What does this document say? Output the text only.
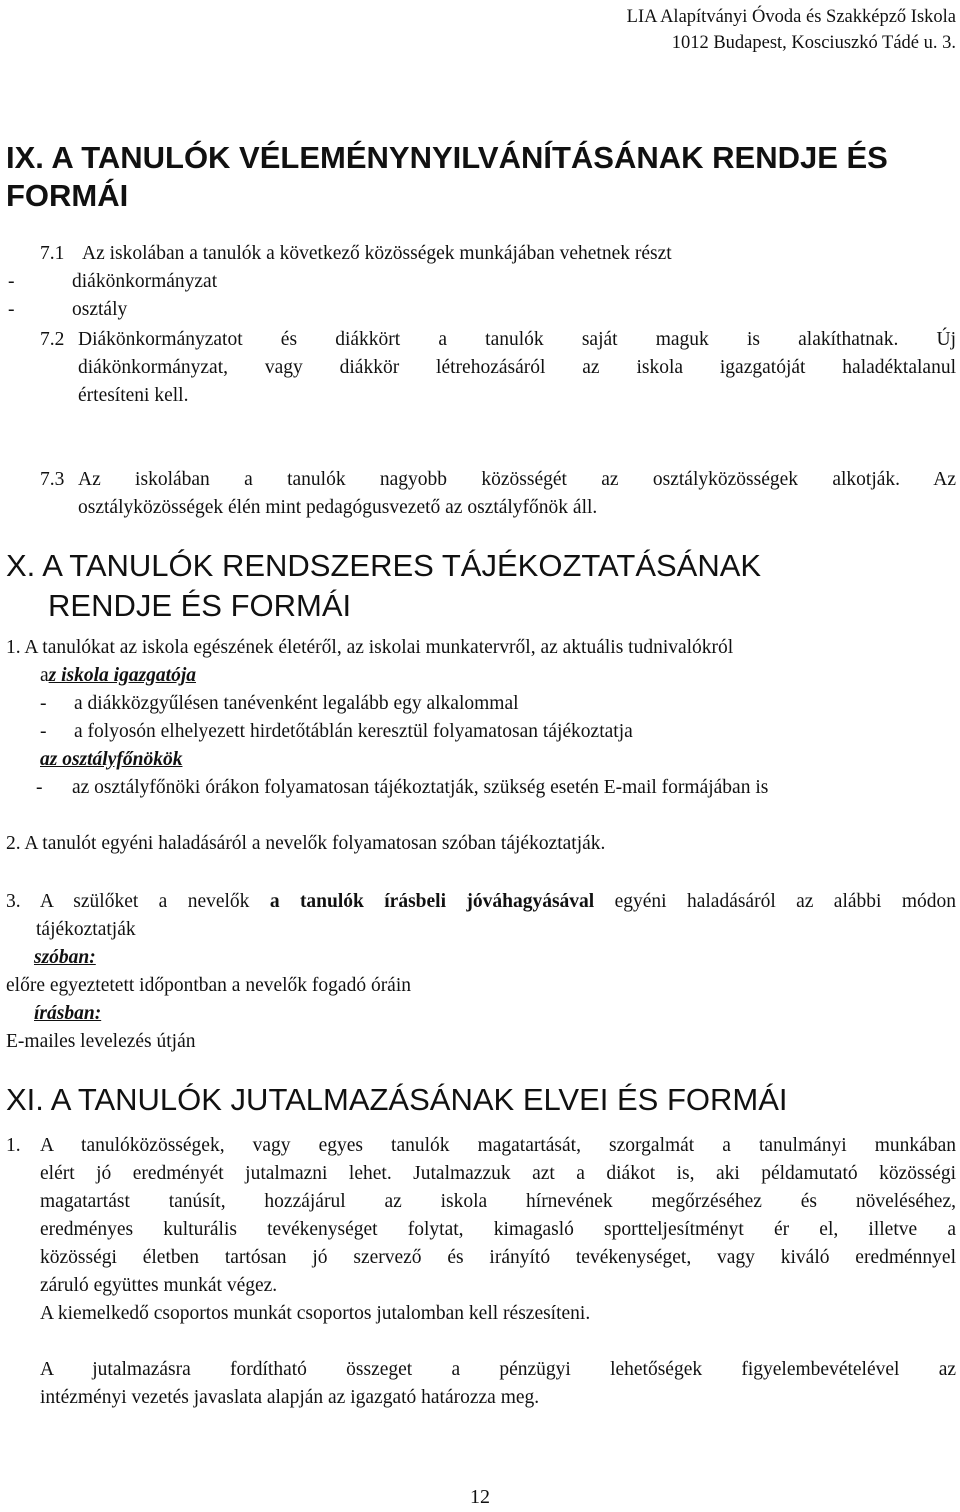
LIA Alapítványi Óvoda és Szakképző Iskola
1012 Budapest, Kosciuszkó Tádé u. 3.
IX. A TANULÓK VÉLEMÉNYNYILVÁNÍTÁSÁNAK RENDJE ÉS
FORMÁI
7.1 Az iskolában a tanulók a következő közösségek munkájában vehetnek részt
-	diákönkormányzat
-	osztály
7.2 Diákönkormányzatot és diákkört a tanulók saját maguk is alakíthatnak. Új
diákönkormányzat, vagy diákkör létrehozásáról az iskola igazgatóját haladéktalanul
értesíteni kell.
7.3 Az iskolában a tanulók nagyobb közösségét az osztályközösségek alkotják. Az
osztályközösségek élén mint pedagógusvezető az osztályfőnök áll.
X. A TANULÓK RENDSZERES TÁJÉKOZTATÁSÁNAK
RENDJE ÉS FORMÁI
1. A tanulókat az iskola egészének életéről, az iskolai munkatervről, az aktuális tudnivalókról
az iskola igazgatója
- a diákközgyűlésen tanévenként legalább egy alkalommal
- a folyosón elhelyezett hirdetőtáblán keresztül folyamatosan tájékoztatja
az osztályfőnökök
- az osztályfőnöki órákon folyamatosan tájékoztatják, szükség esetén E-mail formájában is
2. A tanulót egyéni haladásáról a nevelők folyamatosan szóban tájékoztatják.
3. A szülőket a nevelők a tanulók írásbeli jóváhagyásával egyéni haladásáról az alábbi módon
tájékoztatják
szóban:
előre egyeztetett időpontban a nevelők fogadó óráin
írásban:
E-mailes levelezés útján
XI. A TANULÓK JUTALMAZÁSÁNAK ELVEI ÉS FORMÁI
1. A tanulóközösségek, vagy egyes tanulók magatartását, szorgalmát a tanulmányi munkában
elért jó eredményét jutalmazni lehet. Jutalmazzuk azt a diákot is, aki példamutató közösségi
magatartást tanúsít, hozzájárul az iskola hírnevének megőrzéséhez és növeléséhez,
eredményes kulturális tevékenységet folytat, kimagasló sportteljesítményt ér el, illetve a
közösségi életben tartósan jó szervező és irányító tevékenységet, vagy kiváló eredménnyel
záruló együttes munkát végez.
A kiemelkedő csoportos munkát csoportos jutalomban kell részesíteni.
A jutalmazásra fordítható összeget a pénzügyi lehetőségek figyelembevételével az
intézményi vezetés javaslata alapján az igazgató határozza meg.
12
